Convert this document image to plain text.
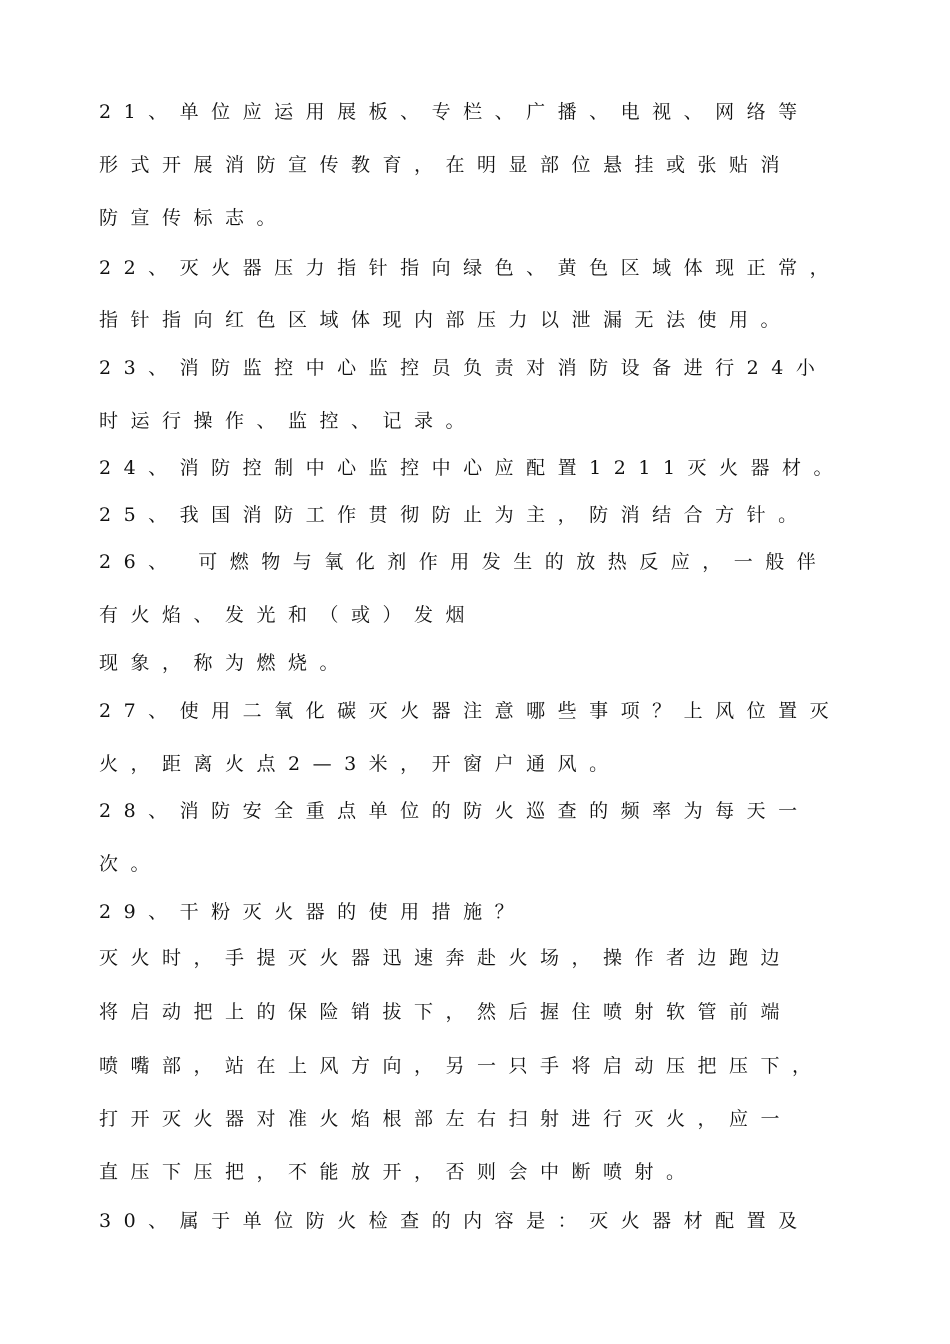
21、单位应运用展板、专栏、广播、电视、网络等
形式开展消防宣传教育，在明显部位悬挂或张贴消
防宣传标志。
22、灭火器压力指针指向绿色、黄色区域体现正常，
指针指向红色区域体现内部压力以泄漏无法使用。
23、消防监控中心监控员负责对消防设备进行24小
时运行操作、监控、记录。
24、消防控制中心监控中心应配置1211灭火器材。
25、我国消防工作贯彻防止为主，防消结合方针。
26、 可燃物与氧化剂作用发生的放热反应，一般伴
有火焰、发光和（或）发烟
现象，称为燃烧。
27、使用二氧化碳灭火器注意哪些事项？上风位置灭
火，距离火点2—3米，开窗户通风。
28、消防安全重点单位的防火巡查的频率为每天一
次。
29、干粉灭火器的使用措施？
灭火时，手提灭火器迅速奔赴火场，操作者边跑边
将启动把上的保险销拔下，然后握住喷射软管前端
喷嘴部，站在上风方向，另一只手将启动压把压下，
打开灭火器对准火焰根部左右扫射进行灭火，应一
直压下压把，不能放开，否则会中断喷射。
30、属于单位防火检查的内容是：灭火器材配置及
